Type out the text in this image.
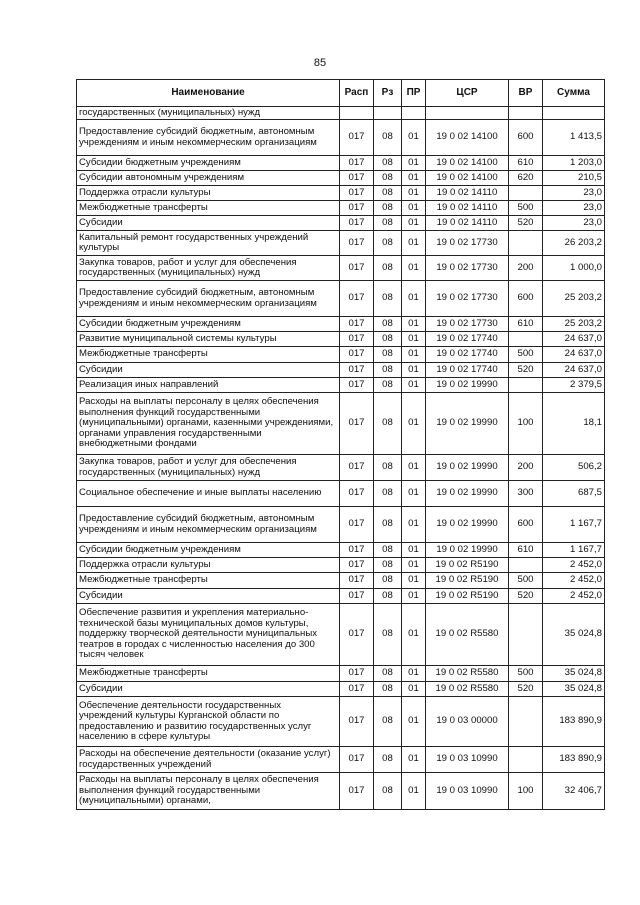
85
Наименование	Расп	Рз	ПР	ЦСР	ВР	Сумма
государственных (муниципальных) нужд						
Предоставление субсидий бюджетным, автономным учреждениям и иным некоммерческим организациям	017	08	01	19 0 02 14100	600	1 413,5
Субсидии бюджетным учреждениям	017	08	01	19 0 02 14100	610	1 203,0
Субсидии автономным учреждениям	017	08	01	19 0 02 14100	620	210,5
Поддержка отрасли культуры	017	08	01	19 0 02 14110		23,0
Межбюджетные трансферты	017	08	01	19 0 02 14110	500	23,0
Субсидии	017	08	01	19 0 02 14110	520	23,0
Капитальный ремонт государственных учреждений культуры	017	08	01	19 0 02 17730		26 203,2
Закупка товаров, работ и услуг для обеспечения государственных (муниципальных) нужд	017	08	01	19 0 02 17730	200	1 000,0
Предоставление субсидий бюджетным, автономным учреждениям и иным некоммерческим организациям	017	08	01	19 0 02 17730	600	25 203,2
Субсидии бюджетным учреждениям	017	08	01	19 0 02 17730	610	25 203,2
Развитие муниципальной системы культуры	017	08	01	19 0 02 17740		24 637,0
Межбюджетные трансферты	017	08	01	19 0 02 17740	500	24 637,0
Субсидии	017	08	01	19 0 02 17740	520	24 637,0
Реализация иных направлений	017	08	01	19 0 02 19990		2 379,5
Расходы на выплаты персоналу в целях обеспечения выполнения функций государственными (муниципальными) органами, казенными учреждениями, органами управления государственными внебюджетными фондами	017	08	01	19 0 02 19990	100	18,1
Закупка товаров, работ и услуг для обеспечения государственных (муниципальных) нужд	017	08	01	19 0 02 19990	200	506,2
Социальное обеспечение и иные выплаты населению	017	08	01	19 0 02 19990	300	687,5
Предоставление субсидий бюджетным, автономным учреждениям и иным некоммерческим организациям	017	08	01	19 0 02 19990	600	1 167,7
Субсидии бюджетным учреждениям	017	08	01	19 0 02 19990	610	1 167,7
Поддержка отрасли культуры	017	08	01	19 0 02 R5190		2 452,0
Межбюджетные трансферты	017	08	01	19 0 02 R5190	500	2 452,0
Субсидии	017	08	01	19 0 02 R5190	520	2 452,0
Обеспечение развития и укрепления материально-технической базы муниципальных домов культуры, поддержку творческой деятельности муниципальных театров в городах с численностью населения до 300 тысяч человек	017	08	01	19 0 02 R5580		35 024,8
Межбюджетные трансферты	017	08	01	19 0 02 R5580	500	35 024,8
Субсидии	017	08	01	19 0 02 R5580	520	35 024,8
Обеспечение деятельности государственных учреждений культуры Курганской области по предоставлению и развитию государственных услуг населению в сфере культуры	017	08	01	19 0 03 00000		183 890,9
Расходы на обеспечение деятельности (оказание услуг) государственных учреждений	017	08	01	19 0 03 10990		183 890,9
Расходы на выплаты персоналу в целях обеспечения выполнения функций государственными (муниципальными) органами,	017	08	01	19 0 03 10990	100	32 406,7
